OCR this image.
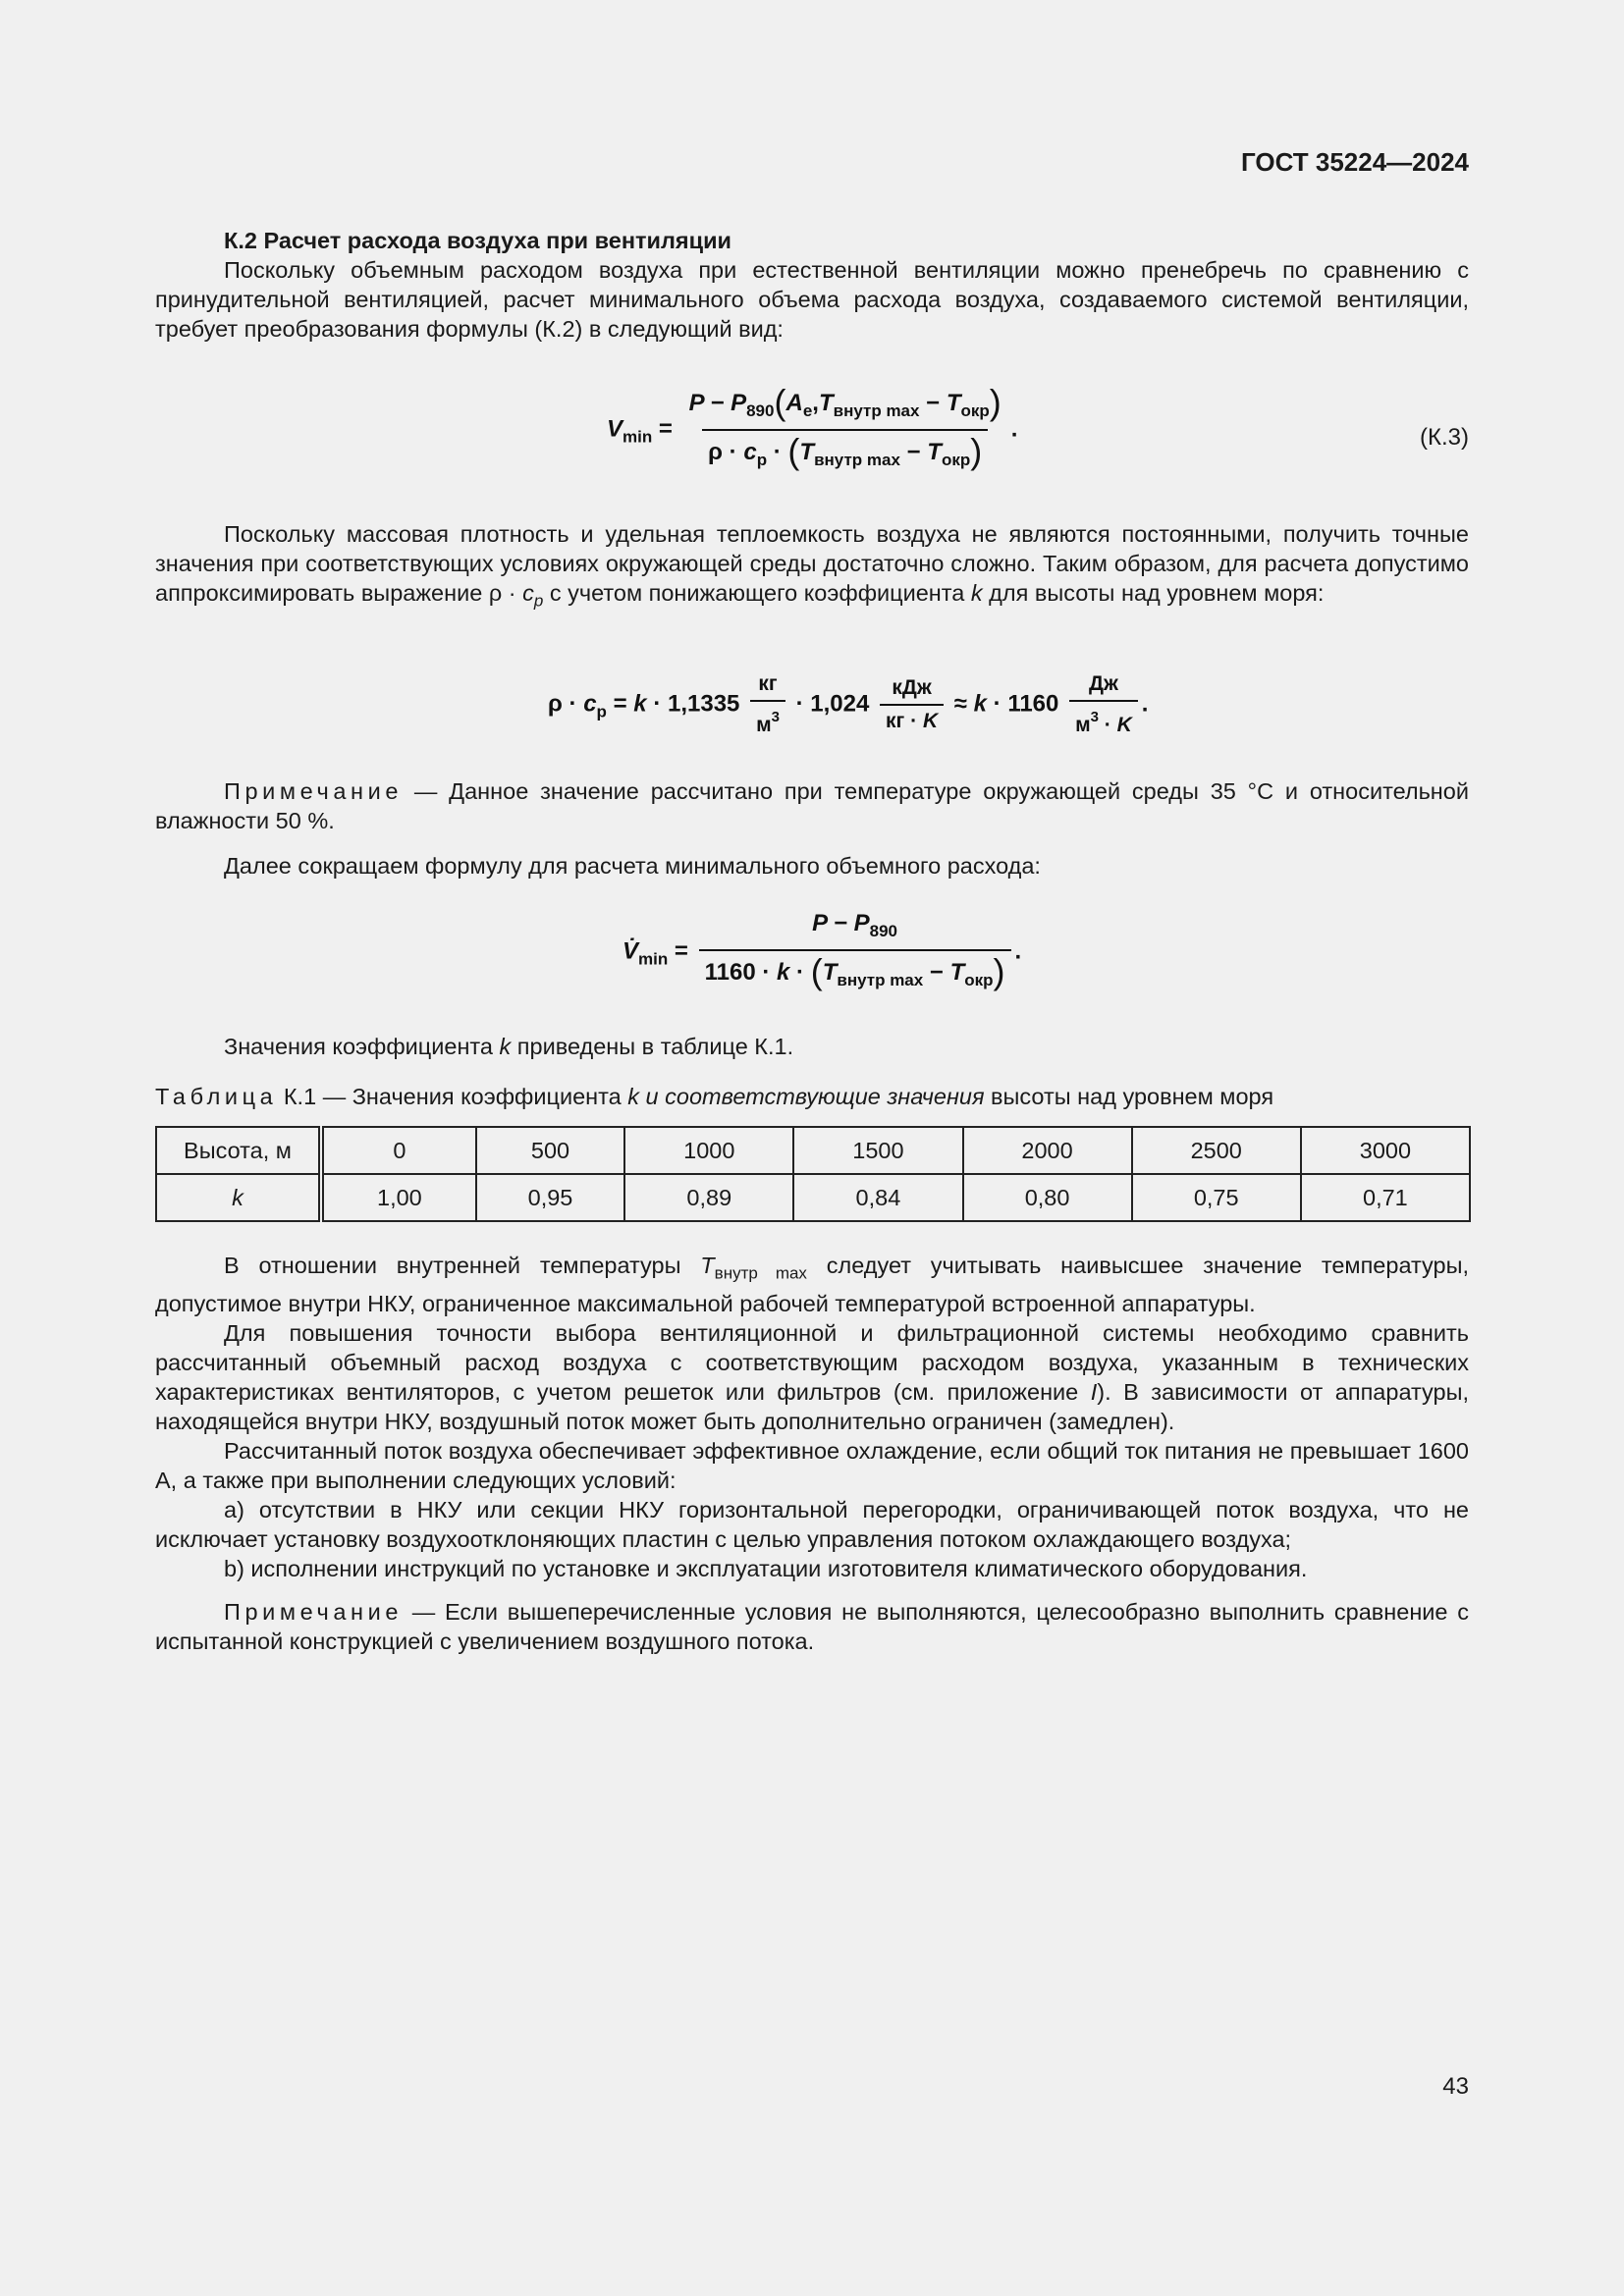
ГОСТ 35224—2024

К.2 Расчет расхода воздуха при вентиляции

Поскольку объемным расходом воздуха при естественной вентиляции можно пренебречь по сравнению с принудительной вентиляцией, расчет минимального объема расхода воздуха, создаваемого системой вентиляции, требует преобразования формулы (К.2) в следующий вид:

$V_{min} = \frac{P - P_{890}(A_e,T_{внутр max} - T_{окр})}{\rho \cdot c_p \cdot (T_{внутр max} - T_{окр})}$ .	(К.3)

Поскольку массовая плотность и удельная теплоемкость воздуха не являются постоянными, получить точные значения при соответствующих условиях окружающей среды достаточно сложно. Таким образом, для расчета допустимо аппроксимировать выражение $\rho \cdot c_p$ с учетом понижающего коэффициента k для высоты над уровнем моря:

$\rho \cdot c_p = k \cdot 1,1335 \frac{кг}{м^3} \cdot 1,024 \frac{\text{кДж}}{кг \cdot K} \approx k \cdot 1160 \frac{Дж}{м^3 \cdot K}$ .

Примечание — Данное значение рассчитано при температуре окружающей среды 35 °С и относительной влажности 50 %.

Далее сокращаем формулу для расчета минимального объемного расхода:

$V̇_{min} = \frac{P - P_{890}}{1160 \cdot k \cdot (T_{внутр max} - T_{окр})}$ .

Значения коэффициента k приведены в таблице К.1.

Таблица К.1 — Значения коэффициента k и соответствующие значения высоты над уровнем моря

Высота, м	0	500	1000	1500	2000	2500	3000
k	1,00	0,95	0,89	0,84	0,80	0,75	0,71

В отношении внутренней температуры $T_{внутр max}$ следует учитывать наивысшее значение температуры, допустимое внутри НКУ, ограниченное максимальной рабочей температурой встроенной аппаратуры.

Для повышения точности выбора вентиляционной и фильтрационной системы необходимо сравнить рассчитанный объемный расход воздуха с соответствующим расходом воздуха, указанным в технических характеристиках вентиляторов, с учетом решеток или фильтров (см. приложение I). В зависимости от аппаратуры, находящейся внутри НКУ, воздушный поток может быть дополнительно ограничен (замедлен).

Рассчитанный поток воздуха обеспечивает эффективное охлаждение, если общий ток питания не превышает 1600 А, а также при выполнении следующих условий:

а) отсутствии в НКУ или секции НКУ горизонтальной перегородки, ограничивающей поток воздуха, что не исключает установку воздухоотклоняющих пластин с целью управления потоком охлаждающего воздуха;

b) исполнении инструкций по установке и эксплуатации изготовителя климатического оборудования.

Примечание — Если вышеперечисленные условия не выполняются, целесообразно выполнить сравнение с испытанной конструкцией с увеличением воздушного потока.

43
